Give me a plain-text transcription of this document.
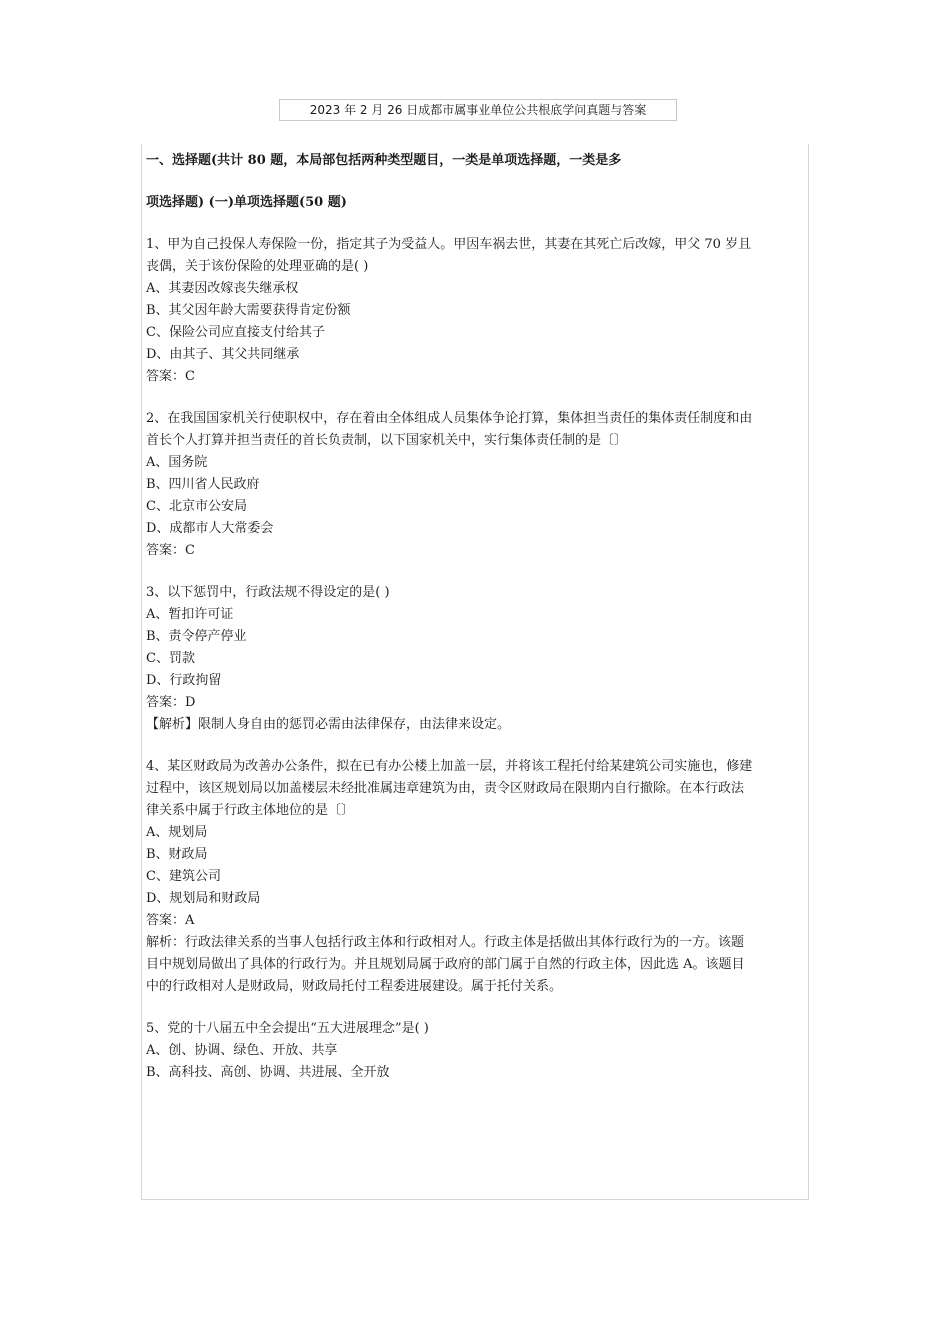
2023 年 2 月 26 日成都市属事业单位公共根底学问真题与答案

一、选择题(共计 80 题，本局部包括两种类型题目，一类是单项选择题，一类是多

项选择题) (一)单项选择题(50 题)

1、甲为自己投保人寿保险一份，指定其子为受益人。甲因车祸去世，其妻在其死亡后改嫁，甲父 70 岁且

丧偶，关于该份保险的处理亚确的是( )

A、其妻因改嫁丧失继承权

B、其父因年龄大需要获得肯定份额

C、保险公司应直接支付给其子

D、由其子、其父共同继承

答案：C

2、在我国国家机关行使职权中，存在着由全体组成人员集体争论打算，集体担当责任的集体责任制度和由

首长个人打算并担当责任的首长负责制，以下国家机关中，实行集体责任制的是〔〕

A、国务院

B、四川省人民政府

C、北京市公安局

D、成都市人大常委会

答案：C

3、以下惩罚中，行政法规不得设定的是( )

A、暂扣许可证

B、责令停产停业

C、罚款

D、行政拘留

答案：D

【解析】限制人身自由的惩罚必需由法律保存，由法律来设定。

4、某区财政局为改善办公条件，拟在已有办公楼上加盖一层，并将该工程托付给某建筑公司实施也，修建

过程中，该区规划局以加盖楼层未经批准属违章建筑为由，责令区财政局在限期内自行撤除。在本行政法

律关系中属于行政主体地位的是〔〕

A、规划局

B、财政局

C、建筑公司

D、规划局和财政局

答案：A

解析：行政法律关系的当事人包括行政主体和行政相对人。行政主体是括做出其体行政行为的一方。该题

目中规划局做出了具体的行政行为。并且规划局属于政府的部门属于自然的行政主体，因此选 A。该题目

中的行政相对人是财政局，财政局托付工程委进展建设。属于托付关系。

5、党的十八届五中全会提出“五大进展理念”是( )

A、创、协调、绿色、开放、共享

B、高科技、高创、协调、共进展、全开放
